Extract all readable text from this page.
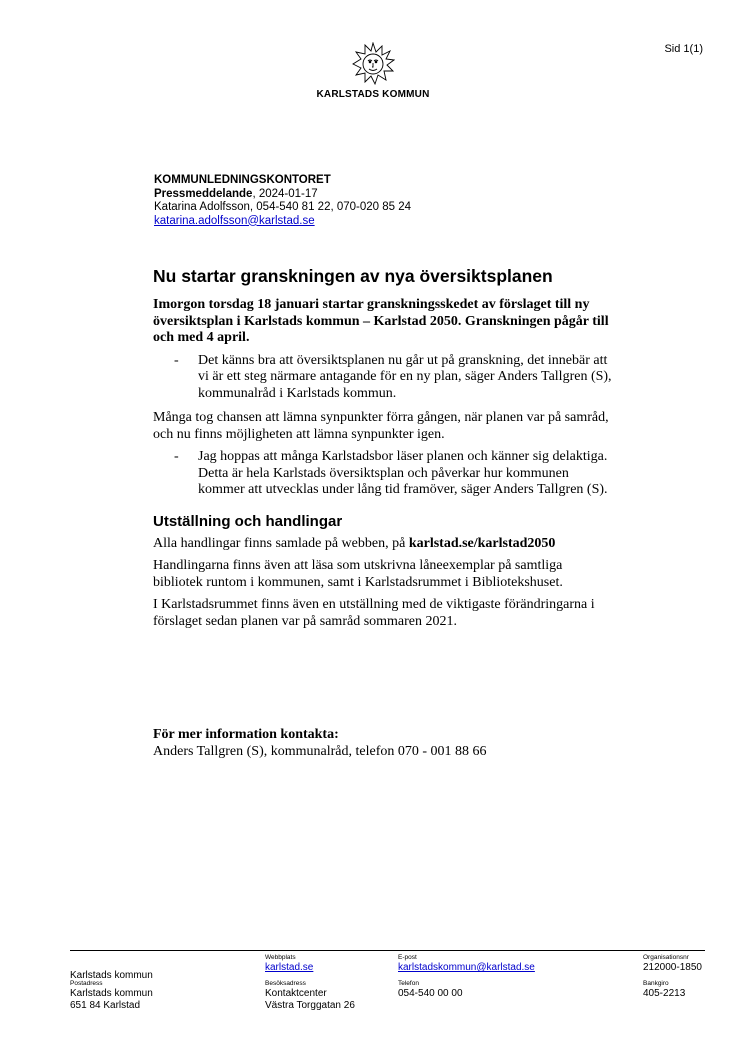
Sid 1(1)
KARLSTADS KOMMUN
KOMMUNLEDNINGSKONTORET
Pressmeddelande, 2024-01-17
Katarina Adolfsson, 054-540 81 22, 070-020 85 24
katarina.adolfsson@karlstad.se
Nu startar granskningen av nya översiktsplanen

Imorgon torsdag 18 januari startar granskningsskedet av förslaget till ny översiktsplan i Karlstads kommun – Karlstad 2050. Granskningen pågår till och med 4 april.

-	Det känns bra att översiktsplanen nu går ut på granskning, det innebär att vi är ett steg närmare antagande för en ny plan, säger Anders Tallgren (S), kommunalråd i Karlstads kommun.

Många tog chansen att lämna synpunkter förra gången, när planen var på samråd, och nu finns möjligheten att lämna synpunkter igen.

-	Jag hoppas att många Karlstadsbor läser planen och känner sig delaktiga. Detta är hela Karlstads översiktsplan och påverkar hur kommunen kommer att utvecklas under lång tid framöver, säger Anders Tallgren (S).
Utställning och handlingar

Alla handlingar finns samlade på webben, på karlstad.se/karlstad2050

Handlingarna finns även att läsa som utskrivna låneexemplar på samtliga bibliotek runtom i kommunen, samt i Karlstadsrummet i Bibliotekshuset.

I Karlstadsrummet finns även en utställning med de viktigaste förändringarna i förslaget sedan planen var på samråd sommaren 2021.

För mer information kontakta:

Anders Tallgren (S), kommunalråd, telefon 070 - 001 88 66

Karlstads kommun
Webbplats
karlstad.se
E-post
karlstadskommun@karlstad.se
Organisationsnr
212000-1850
Postadress
Karlstads kommun
651 84 Karlstad
Besöksadress
Kontaktcenter
Västra Torggatan 26
Telefon
054-540 00 00
Bankgiro
405-2213
